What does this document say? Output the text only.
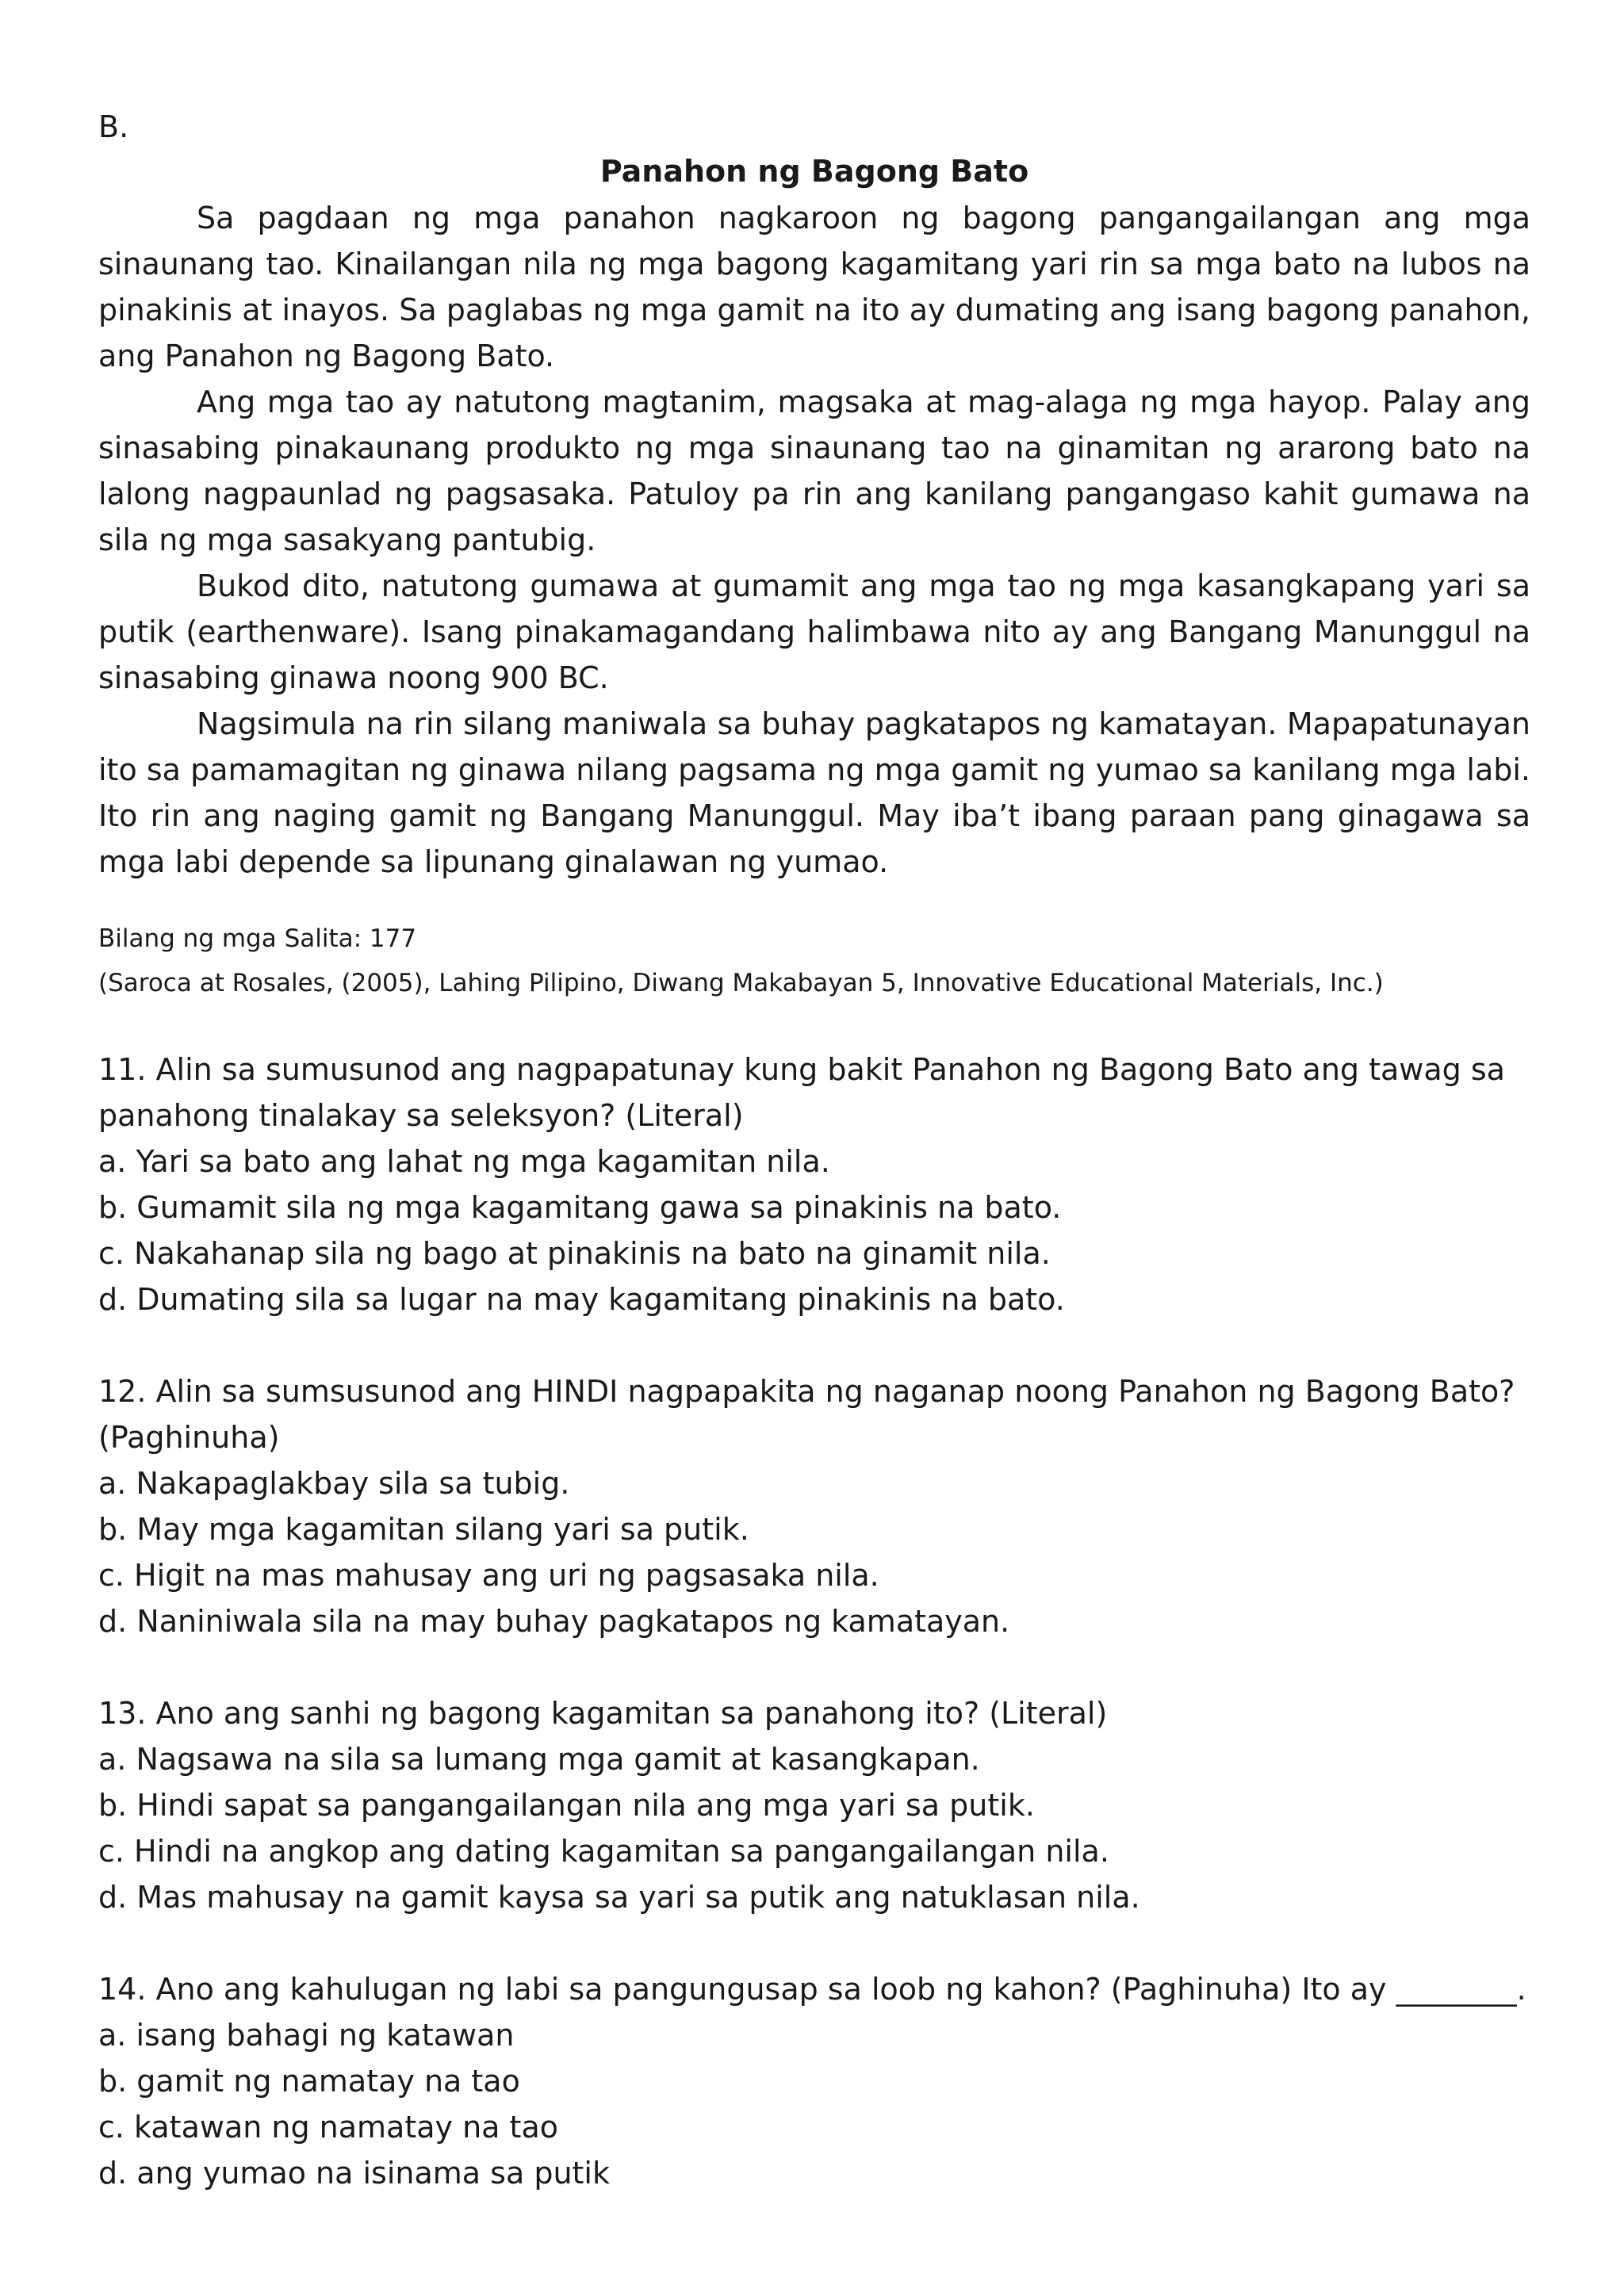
B.
Panahon ng Bagong Bato

Sa pagdaan ng mga panahon nagkaroon ng bagong pangangailangan ang mga sinaunang tao. Kinailangan nila ng mga bagong kagamitang yari rin sa mga bato na lubos na pinakinis at inayos. Sa paglabas ng mga gamit na ito ay dumating ang isang bagong panahon, ang Panahon ng Bagong Bato.

Ang mga tao ay natutong magtanim, magsaka at mag-alaga ng mga hayop. Palay ang sinasabing pinakaunang produkto ng mga sinaunang tao na ginamitan ng ararong bato na lalong nagpaunlad ng pagsasaka. Patuloy pa rin ang kanilang pangangaso kahit gumawa na sila ng mga sasakyang pantubig.

Bukod dito, natutong gumawa at gumamit ang mga tao ng mga kasangkapang yari sa putik (earthenware). Isang pinakamagandang halimbawa nito ay ang Bangang Manunggul na sinasabing ginawa noong 900 BC.

Nagsimula na rin silang maniwala sa buhay pagkatapos ng kamatayan. Mapapatunayan ito sa pamamagitan ng ginawa nilang pagsama ng mga gamit ng yumao sa kanilang mga labi. Ito rin ang naging gamit ng Bangang Manunggul. May iba’t ibang paraan pang ginagawa sa mga labi depende sa lipunang ginalawan ng yumao.

Bilang ng mga Salita: 177
(Saroca at Rosales, (2005), Lahing Pilipino, Diwang Makabayan 5, Innovative Educational Materials, Inc.)

11. Alin sa sumusunod ang nagpapatunay kung bakit Panahon ng Bagong Bato ang tawag sa panahong tinalakay sa seleksyon? (Literal)

a. Yari sa bato ang lahat ng mga kagamitan nila.
b. Gumamit sila ng mga kagamitang gawa sa pinakinis na bato.
c. Nakahanap sila ng bago at pinakinis na bato na ginamit nila.
d. Dumating sila sa lugar na may kagamitang pinakinis na bato.

12. Alin sa sumsusunod ang HINDI nagpapakita ng naganap noong Panahon ng Bagong Bato? (Paghinuha)

a. Nakapaglakbay sila sa tubig.
b. May mga kagamitan silang yari sa putik.
c. Higit na mas mahusay ang uri ng pagsasaka nila.
d. Naniniwala sila na may buhay pagkatapos ng kamatayan.

13. Ano ang sanhi ng bagong kagamitan sa panahong ito? (Literal)

a. Nagsawa na sila sa lumang mga gamit at kasangkapan.
b. Hindi sapat sa pangangailangan nila ang mga yari sa putik.
c. Hindi na angkop ang dating kagamitan sa pangangailangan nila.
d. Mas mahusay na gamit kaysa sa yari sa putik ang natuklasan nila.

14. Ano ang kahulugan ng labi sa pangungusap sa loob ng kahon? (Paghinuha) Ito ay ________.

a. isang bahagi ng katawan
b. gamit ng namatay na tao
c. katawan ng namatay na tao
d. ang yumao na isinama sa putik
